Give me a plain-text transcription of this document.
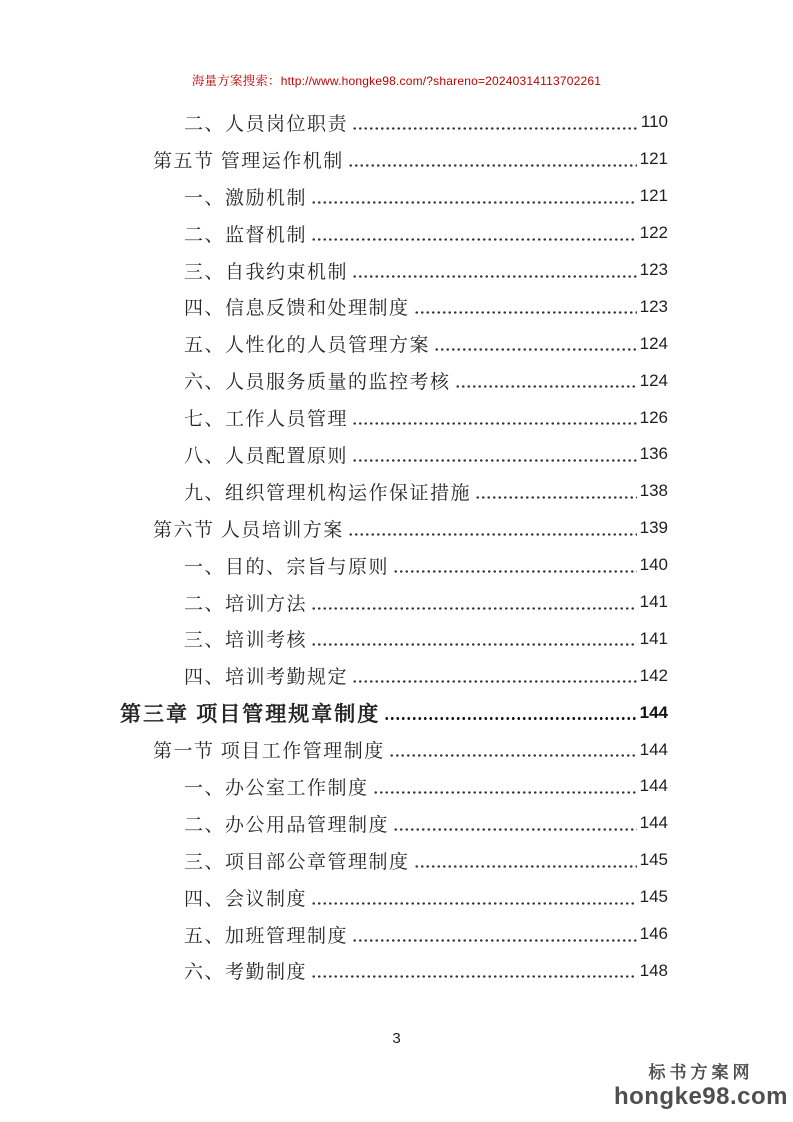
海量方案搜索：http://www.hongke98.com/?shareno=20240314113702261
二、人员岗位职责	110
第五节 管理运作机制	121
一、激励机制	121
二、监督机制	122
三、自我约束机制	123
四、信息反馈和处理制度	123
五、人性化的人员管理方案	124
六、人员服务质量的监控考核	124
七、工作人员管理	126
八、人员配置原则	136
九、组织管理机构运作保证措施	138
第六节 人员培训方案	139
一、目的、宗旨与原则	140
二、培训方法	141
三、培训考核	141
四、培训考勤规定	142
第三章 项目管理规章制度	144
第一节 项目工作管理制度	144
一、办公室工作制度	144
二、办公用品管理制度	144
三、项目部公章管理制度	145
四、会议制度	145
五、加班管理制度	146
六、考勤制度	148
3
标书方案网
hongke98.com
